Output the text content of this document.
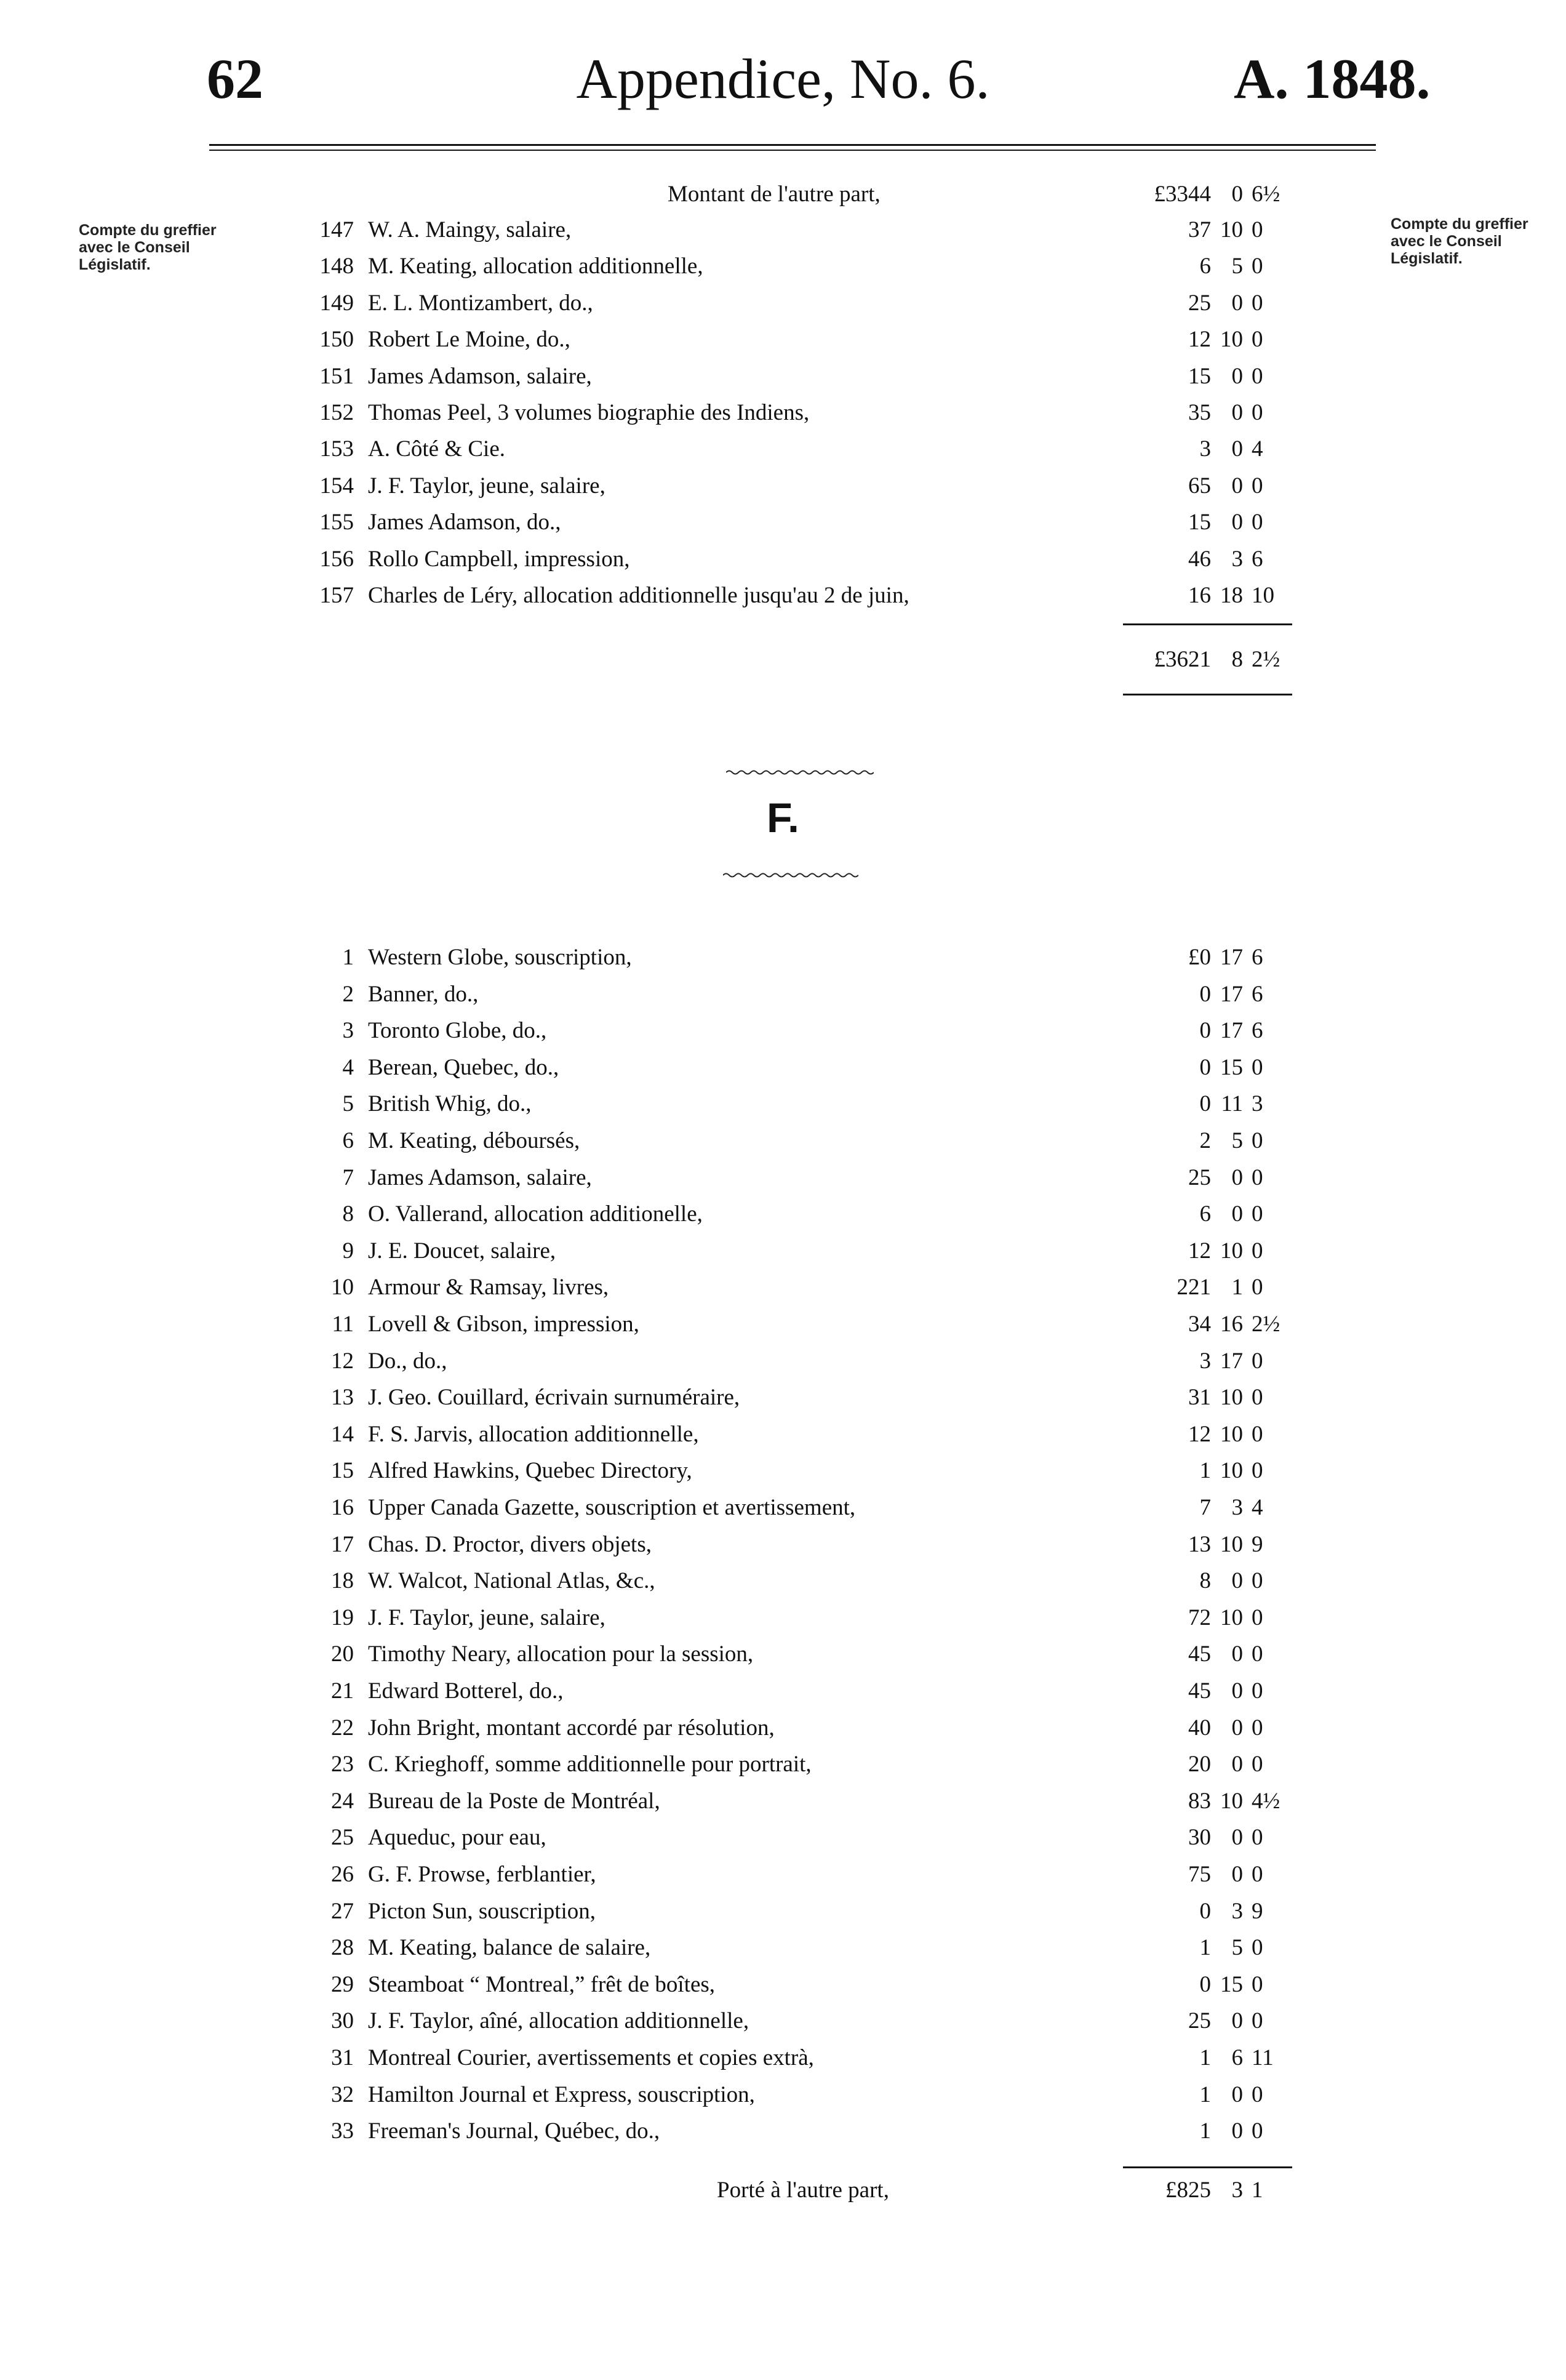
62	Appendice, No. 6.	A. 1848.
Compte du greffier avec le Conseil Législatif.
Compte du greffier avec le Conseil Législatif.
Montant de l'autre part,	£3344 0 6½
147 W. A. Maingy, salaire,	37 10 0
148 M. Keating, allocation additionnelle,	6 5 0
149 E. L. Montizambert, do.,	25 0 0
150 Robert Le Moine, do.,	12 10 0
151 James Adamson, salaire,	15 0 0
152 Thomas Peel, 3 volumes biographie des Indiens,	35 0 0
153 A. Côté & Cie.	3 0 4
154 J. F. Taylor, jeune, salaire,	65 0 0
155 James Adamson, do.,	15 0 0
156 Rollo Campbell, impression,	46 3 6
157 Charles de Léry, allocation additionnelle jusqu'au 2 de juin,	16 18 10
£3621 8 2½
F.
1 Western Globe, souscription,	£0 17 6
2 Banner, do.,	0 17 6
3 Toronto Globe, do.,	0 17 6
4 Berean, Quebec, do.,	0 15 0
5 British Whig, do.,	0 11 3
6 M. Keating, déboursés,	2 5 0
7 James Adamson, salaire,	25 0 0
8 O. Vallerand, allocation additionelle,	6 0 0
9 J. E. Doucet, salaire,	12 10 0
10 Armour & Ramsay, livres,	221 1 0
11 Lovell & Gibson, impression,	34 16 2½
12 Do., do.,	3 17 0
13 J. Geo. Couillard, écrivain surnuméraire,	31 10 0
14 F. S. Jarvis, allocation additionnelle,	12 10 0
15 Alfred Hawkins, Quebec Directory,	1 10 0
16 Upper Canada Gazette, souscription et avertissement,	7 3 4
17 Chas. D. Proctor, divers objets,	13 10 9
18 W. Walcot, National Atlas, &c.,	8 0 0
19 J. F. Taylor, jeune, salaire,	72 10 0
20 Timothy Neary, allocation pour la session,	45 0 0
21 Edward Botterel, do.,	45 0 0
22 John Bright, montant accordé par résolution,	40 0 0
23 C. Krieghoff, somme additionnelle pour portrait,	20 0 0
24 Bureau de la Poste de Montréal,	83 10 4½
25 Aqueduc, pour eau,	30 0 0
26 G. F. Prowse, ferblantier,	75 0 0
27 Picton Sun, souscription,	0 3 9
28 M. Keating, balance de salaire,	1 5 0
29 Steamboat “ Montreal,” frêt de boîtes,	0 15 0
30 J. F. Taylor, aîné, allocation additionnelle,	25 0 0
31 Montreal Courier, avertissements et copies extrà,	1 6 11
32 Hamilton Journal et Express, souscription,	1 0 0
33 Freeman's Journal, Québec, do.,	1 0 0
Porté à l'autre part,	£825 3 1
